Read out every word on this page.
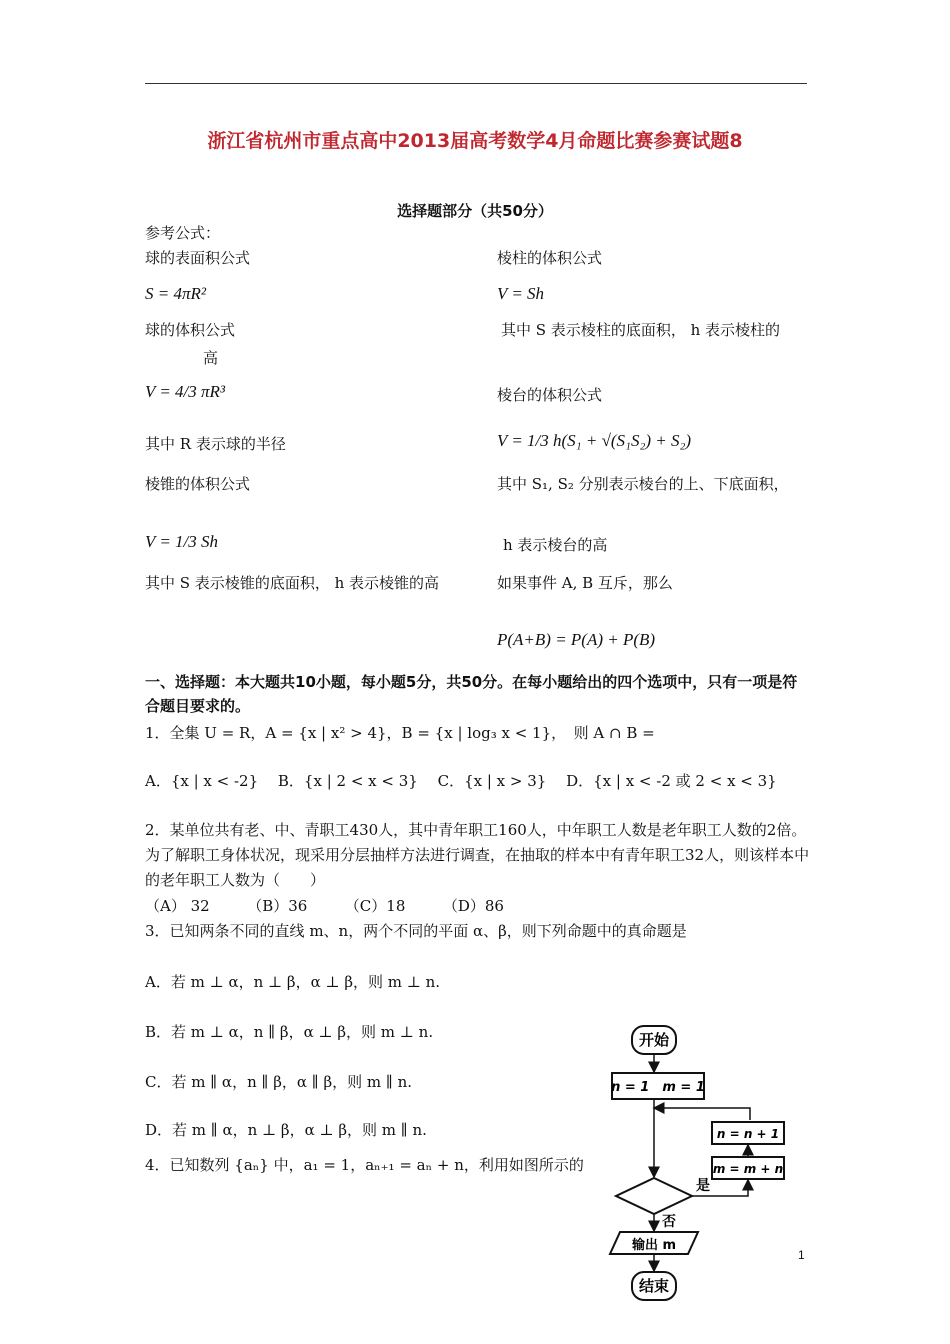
浙江省杭州市重点高中2013届高考数学4月命题比赛参赛试题8
选择题部分（共50分）
参考公式：
球的表面积公式	棱柱的体积公式
S = 4πR²	V = Sh
球的体积公式	其中 S 表示棱柱的底面积， h 表示棱柱的
高
V = 4/3 πR³	棱台的体积公式
其中 R 表示球的半径	V = 1/3 h(S₁ + √(S₁S₂) + S₂)
棱锥的体积公式	其中 S₁, S₂ 分别表示棱台的上、下底面积，
V = 1/3 Sh	h 表示棱台的高
其中 S 表示棱锥的底面积， h 表示棱锥的高	如果事件 A, B 互斥，那么
P(A+B) = P(A) + P(B)
一、选择题：本大题共10小题，每小题5分，共50分。在每小题给出的四个选项中，只有一项是符合题目要求的。
1．全集 U = R，A = {x | x² > 4}，B = {x | log₃ x < 1}，　则 A ∩ B =
A．{x | x < -2}　 B．{x | 2 < x < 3}　 C．{x | x > 3}　 D．{x | x < -2 或 2 < x < 3}
2．某单位共有老、中、青职工430人，其中青年职工160人，中年职工人数是老年职工人数的2倍。为了解职工身体状况，现采用分层抽样方法进行调查，在抽取的样本中有青年职工32人，则该样本中的老年职工人数为（　　）
（A） 32　　　（B）36　　　（C）18　　　（D）86
3．已知两条不同的直线 m、n，两个不同的平面 α、β，则下列命题中的真命题是
A．若 m ⊥ α，n ⊥ β，α ⊥ β，则 m ⊥ n.
B．若 m ⊥ α，n ∥ β，α ⊥ β，则 m ⊥ n.
C．若 m ∥ α，n ∥ β，α ∥ β，则 m ∥ n.
D．若 m ∥ α，n ⊥ β，α ⊥ β，则 m ∥ n.
4．已知数列 {aₙ} 中，a₁ = 1，aₙ₊₁ = aₙ + n，利用如图所示的
开始
n = 1　m = 1
n = n + 1
m = m + n
是
否
输出 m
结束
1
